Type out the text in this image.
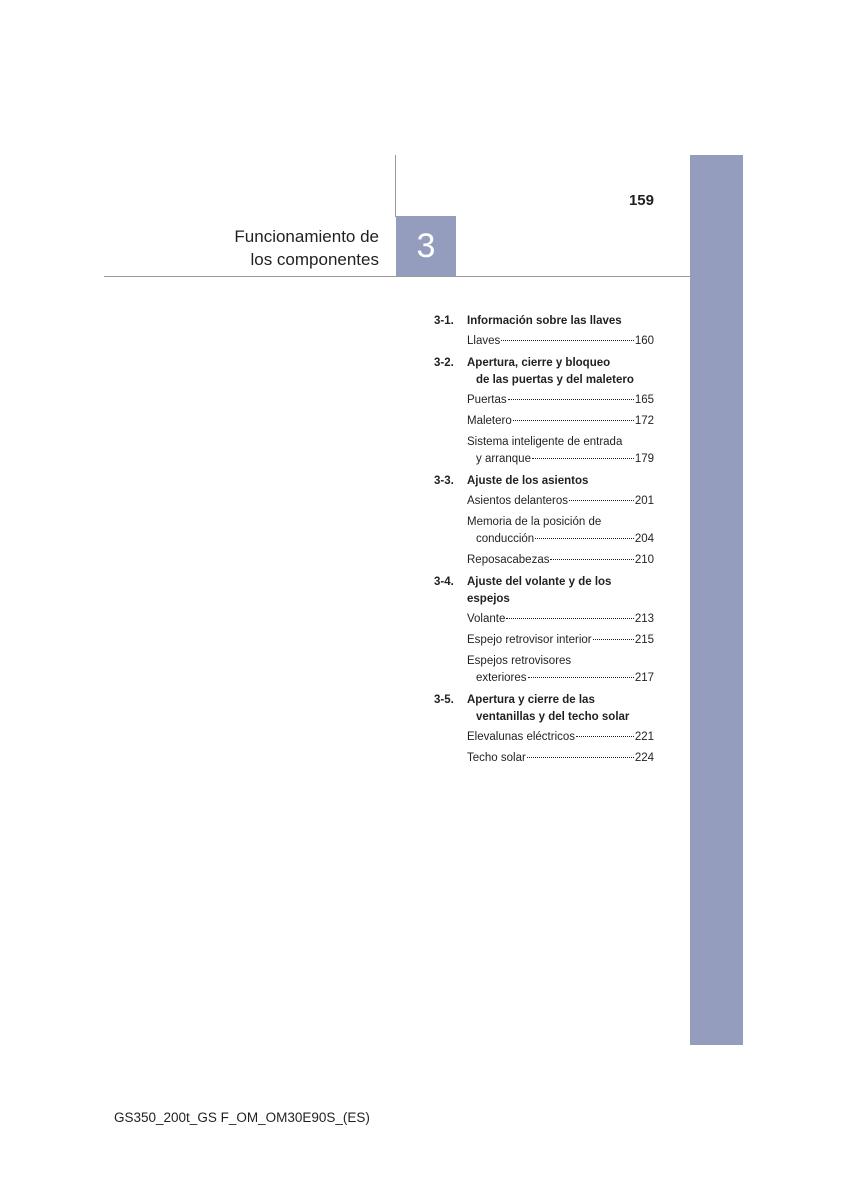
159
Funcionamiento de
los componentes	3
3-1.	Información sobre las llaves
Llaves	160
3-2.	Apertura, cierre y bloqueo
de las puertas y del maletero
Puertas	165
Maletero	172
Sistema inteligente de entrada
y arranque	179
3-3.	Ajuste de los asientos
Asientos delanteros	201
Memoria de la posición de
conducción	204
Reposacabezas	210
3-4.	Ajuste del volante y de los espejos
Volante	213
Espejo retrovisor interior	215
Espejos retrovisores
exteriores	217
3-5.	Apertura y cierre de las
ventanillas y del techo solar
Elevalunas eléctricos	221
Techo solar	224
GS350_200t_GS F_OM_OM30E90S_(ES)
